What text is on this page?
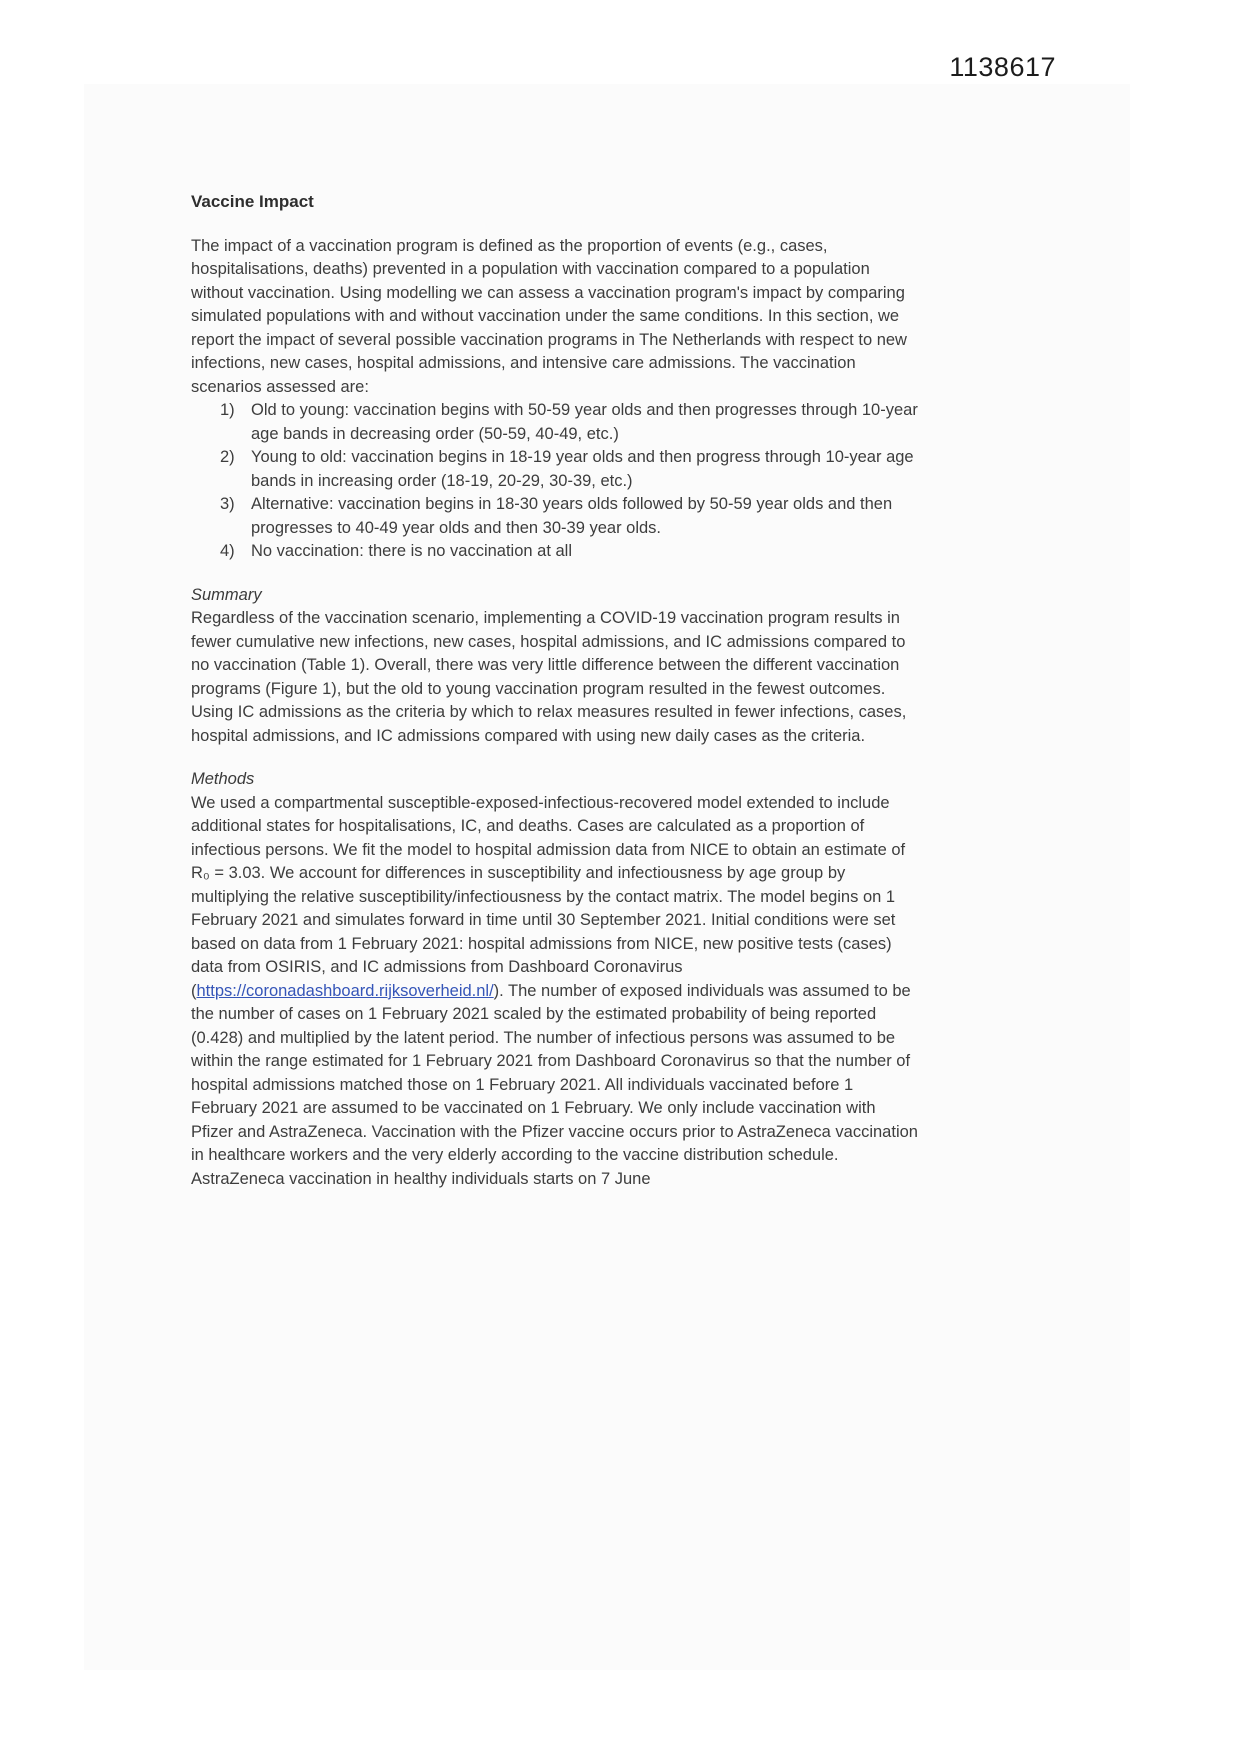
1138617
Vaccine Impact

The impact of a vaccination program is defined as the proportion of events (e.g., cases, hospitalisations, deaths) prevented in a population with vaccination compared to a population without vaccination. Using modelling we can assess a vaccination program's impact by comparing simulated populations with and without vaccination under the same conditions. In this section, we report the impact of several possible vaccination programs in The Netherlands with respect to new infections, new cases, hospital admissions, and intensive care admissions. The vaccination scenarios assessed are:

1) Old to young: vaccination begins with 50-59 year olds and then progresses through 10-year age bands in decreasing order (50-59, 40-49, etc.)
2) Young to old: vaccination begins in 18-19 year olds and then progress through 10-year age bands in increasing order (18-19, 20-29, 30-39, etc.)
3) Alternative: vaccination begins in 18-30 years olds followed by 50-59 year olds and then progresses to 40-49 year olds and then 30-39 year olds.
4) No vaccination: there is no vaccination at all
Summary

Regardless of the vaccination scenario, implementing a COVID-19 vaccination program results in fewer cumulative new infections, new cases, hospital admissions, and IC admissions compared to no vaccination (Table 1). Overall, there was very little difference between the different vaccination programs (Figure 1), but the old to young vaccination program resulted in the fewest outcomes. Using IC admissions as the criteria by which to relax measures resulted in fewer infections, cases, hospital admissions, and IC admissions compared with using new daily cases as the criteria.

Methods

We used a compartmental susceptible-exposed-infectious-recovered model extended to include additional states for hospitalisations, IC, and deaths. Cases are calculated as a proportion of infectious persons. We fit the model to hospital admission data from NICE to obtain an estimate of R₀ = 3.03. We account for differences in susceptibility and infectiousness by age group by multiplying the relative susceptibility/infectiousness by the contact matrix. The model begins on 1 February 2021 and simulates forward in time until 30 September 2021. Initial conditions were set based on data from 1 February 2021: hospital admissions from NICE, new positive tests (cases) data from OSIRIS, and IC admissions from Dashboard Coronavirus (https://coronadashboard.rijksoverheid.nl/). The number of exposed individuals was assumed to be the number of cases on 1 February 2021 scaled by the estimated probability of being reported (0.428) and multiplied by the latent period. The number of infectious persons was assumed to be within the range estimated for 1 February 2021 from Dashboard Coronavirus so that the number of hospital admissions matched those on 1 February 2021. All individuals vaccinated before 1 February 2021 are assumed to be vaccinated on 1 February. We only include vaccination with Pfizer and AstraZeneca. Vaccination with the Pfizer vaccine occurs prior to AstraZeneca vaccination in healthcare workers and the very elderly according to the vaccine distribution schedule. AstraZeneca vaccination in healthy individuals starts on 7 June
